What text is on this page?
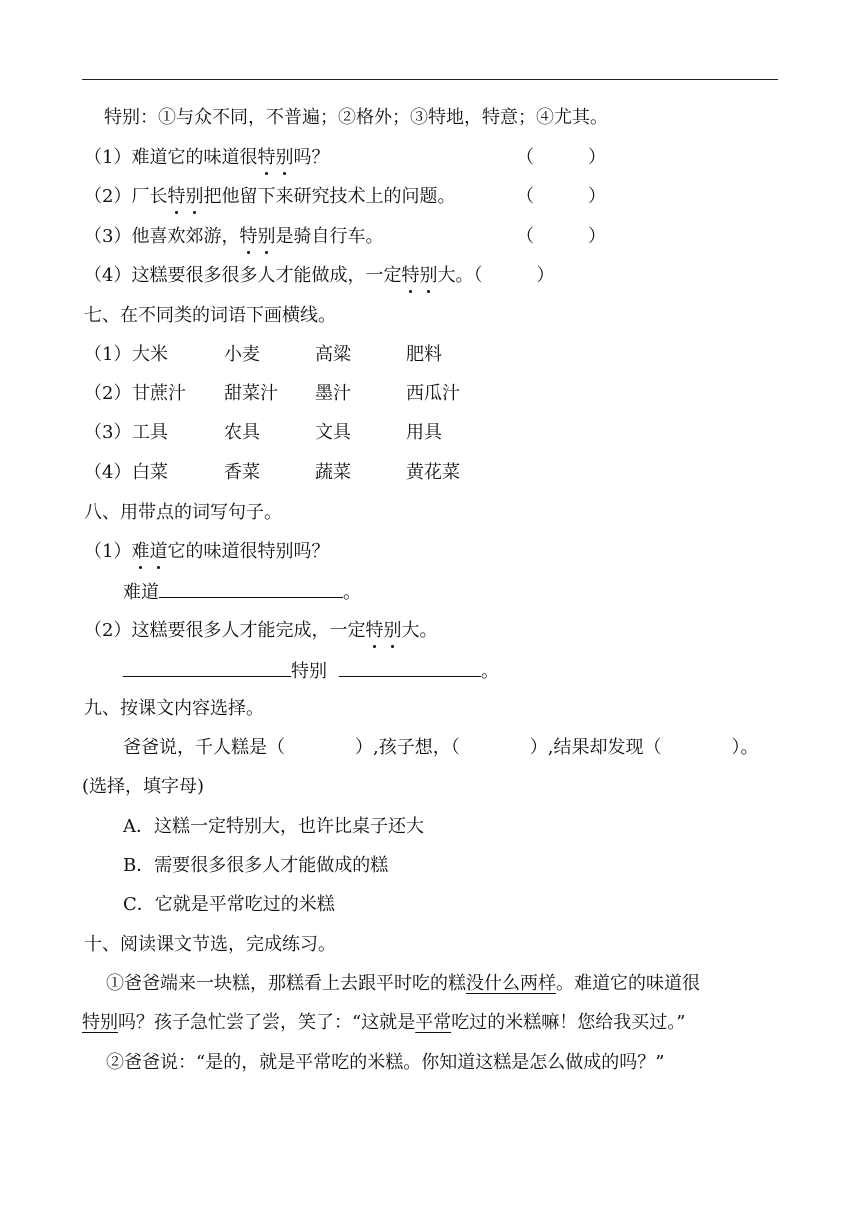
特别：①与众不同，不普遍；②格外；③特地，特意；④尤其。
（1）难道它的味道很特别吗？	（　　　）
（2）厂长特别把他留下来研究技术上的问题。	（　　　）
（3）他喜欢郊游，特别是骑自行车。	（　　　）
（4）这糕要很多很多人才能做成，一定特别大。（　　　）
七、在不同类的词语下画横线。
（1） 大米	小麦	高粱	肥料
（2） 甘蔗汁 甜菜汁 墨汁	西瓜汁
（3） 工具	农具	文具	用具
（4） 白菜	香菜	蔬菜	黄花菜
八、用带点的词写句子。
（1）难道它的味道很特别吗？
难道	。
（2）这糕要很多人才能完成，一定特别大。
特别	。
九、按课文内容选择。
爸爸说，千人糕是（	）,孩子想，（	）,结果却发现（	）。
(选择，填字母)
A．这糕一定特别大，也许比桌子还大
B．需要很多很多人才能做成的糕
C．它就是平常吃过的米糕
十、阅读课文节选，完成练习。
①爸爸端来一块糕，那糕看上去跟平时吃的糕没什么两样。难道它的味道很
特别吗？孩子急忙尝了尝，笑了：“这就是平常吃过的米糕嘛！您给我买过。”
②爸爸说：“是的，就是平常吃的米糕。你知道这糕是怎么做成的吗？”
